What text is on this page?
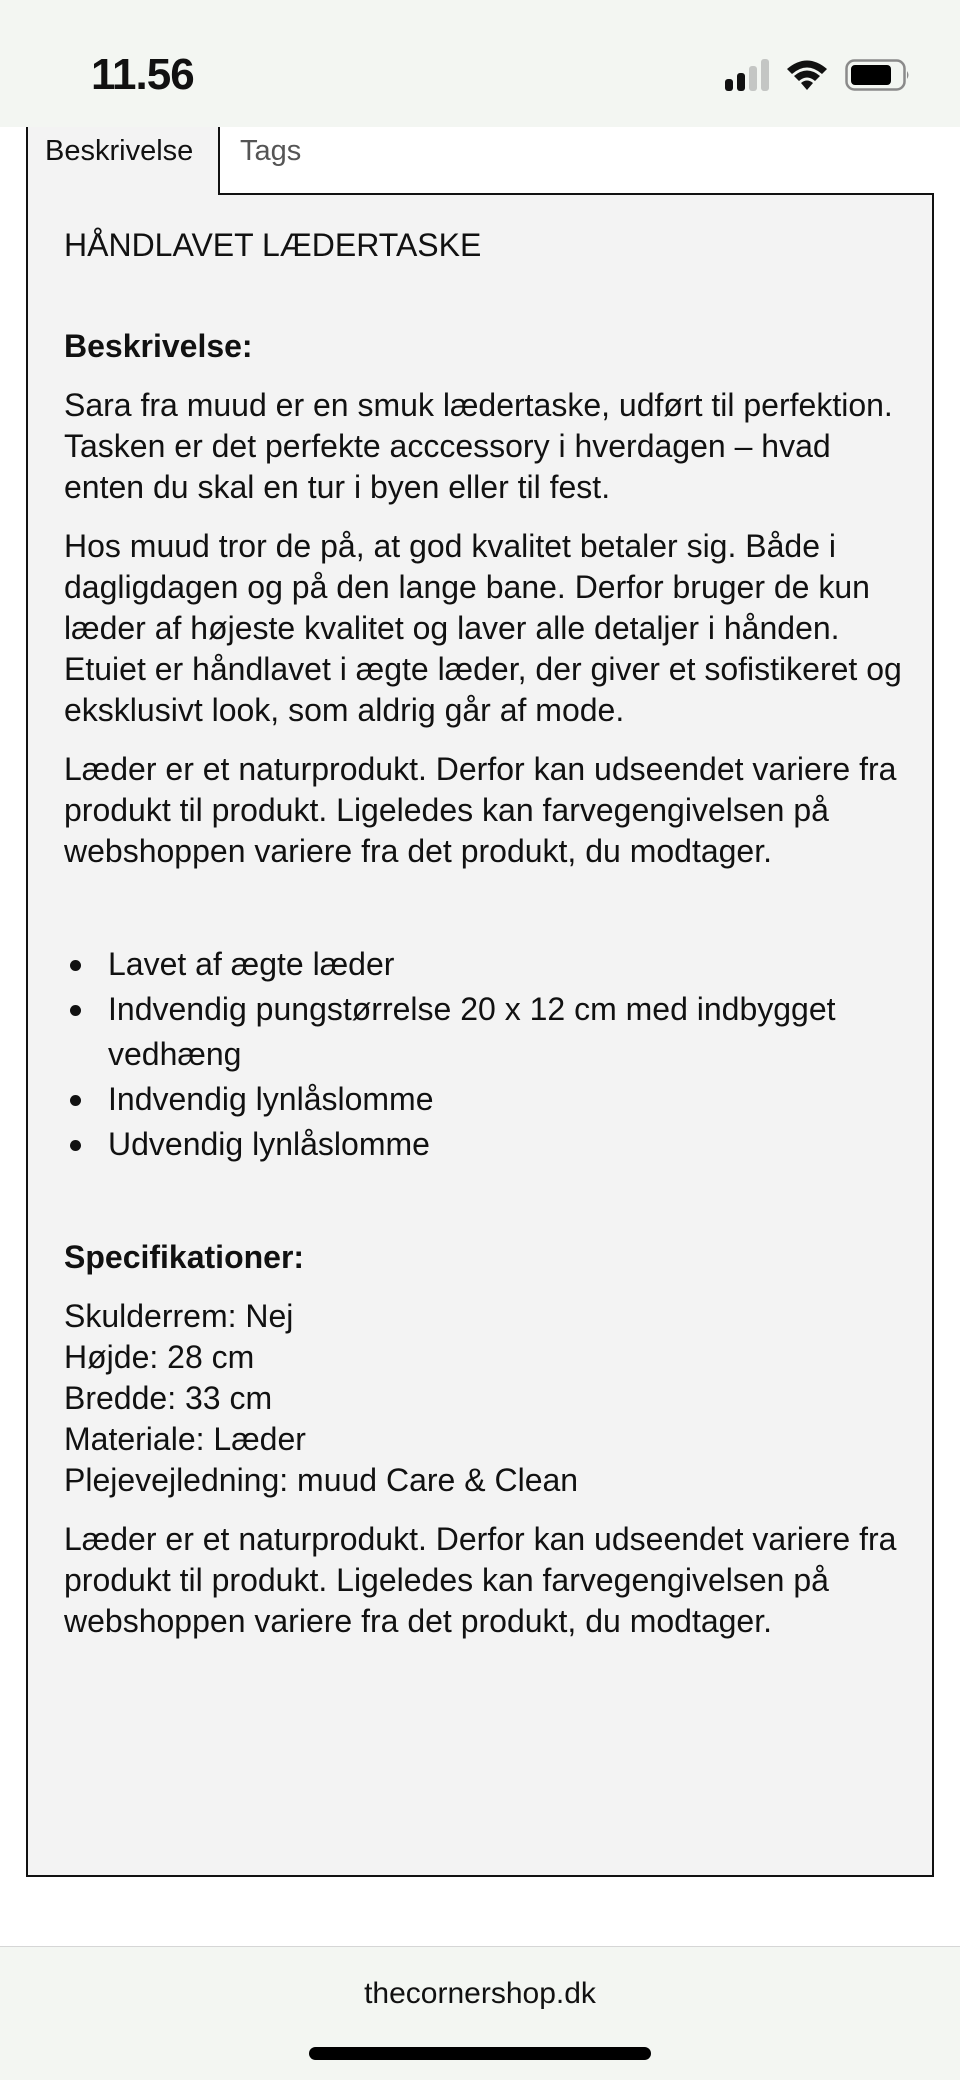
11.56
Beskrivelse Tags
HÅNDLAVET LÆDERTASKE

Beskrivelse:

Sara fra muud er en smuk lædertaske, udført til perfektion. Tasken er det perfekte acccessory i hverdagen – hvad enten du skal en tur i byen eller til fest.

Hos muud tror de på, at god kvalitet betaler sig. Både i dagligdagen og på den lange bane. Derfor bruger de kun læder af højeste kvalitet og laver alle detaljer i hånden. Etuiet er håndlavet i ægte læder, der giver et sofistikeret og eksklusivt look, som aldrig går af mode.

Læder er et naturprodukt. Derfor kan udseendet variere fra produkt til produkt. Ligeledes kan farvegengivelsen på webshoppen variere fra det produkt, du modtager.

Lavet af ægte læder
Indvendig pungstørrelse 20 x 12 cm med indbygget vedhæng
Indvendig lynlåslomme
Udvendig lynlåslomme

Specifikationer:

Skulderrem: Nej
Højde: 28 cm
Bredde: 33 cm
Materiale: Læder
Plejevejledning: muud Care & Clean

Læder er et naturprodukt. Derfor kan udseendet variere fra produkt til produkt. Ligeledes kan farvegengivelsen på webshoppen variere fra det produkt, du modtager.

thecornershop.dk
